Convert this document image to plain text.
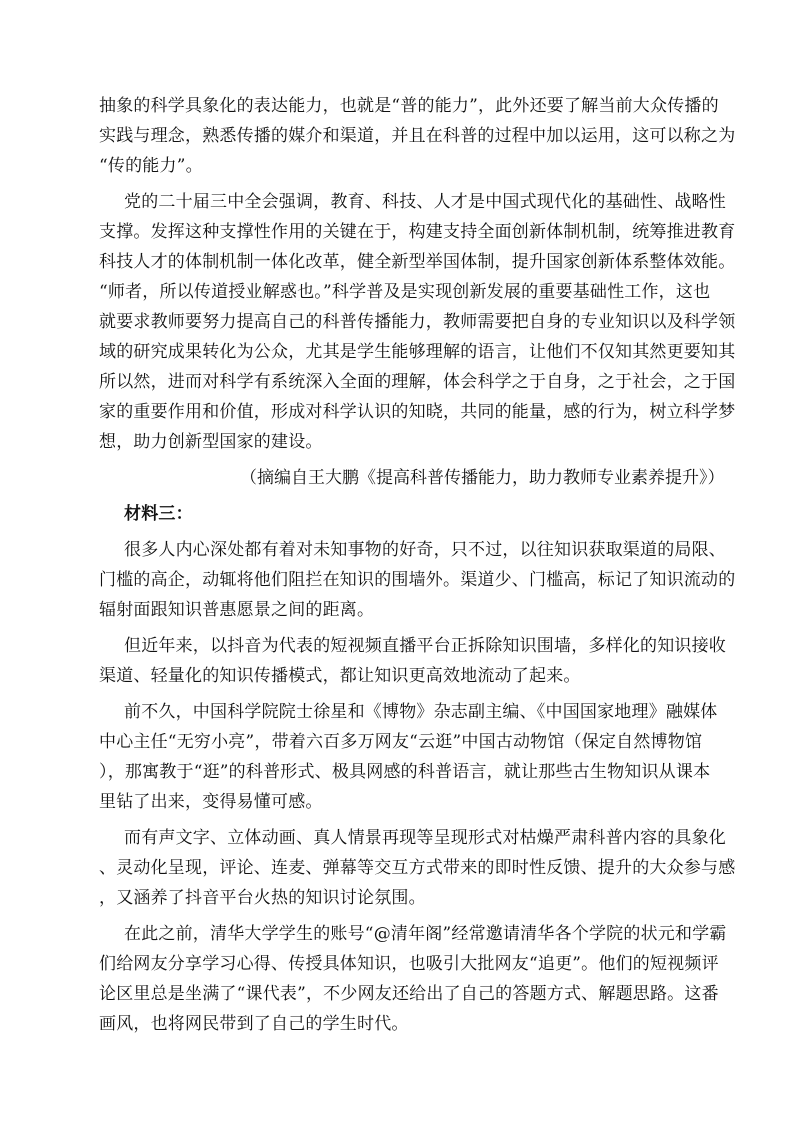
抽象的科学具象化的表达能力，也就是“普的能力”，此外还要了解当前大众传播的
实践与理念，熟悉传播的媒介和渠道，并且在科普的过程中加以运用，这可以称之为
“传的能力”。
党的二十届三中全会强调，教育、科技、人才是中国式现代化的基础性、战略性
支撑。发挥这种支撑性作用的关键在于，构建支持全面创新体制机制，统筹推进教育
科技人才的体制机制一体化改革，健全新型举国体制，提升国家创新体系整体效能。
“师者，所以传道授业解惑也。”科学普及是实现创新发展的重要基础性工作，这也
就要求教师要努力提高自己的科普传播能力，教师需要把自身的专业知识以及科学领
域的研究成果转化为公众，尤其是学生能够理解的语言，让他们不仅知其然更要知其
所以然，进而对科学有系统深入全面的理解，体会科学之于自身，之于社会，之于国
家的重要作用和价值，形成对科学认识的知晓，共同的能量，感的行为，树立科学梦
想，助力创新型国家的建设。
（摘编自王大鹏《提高科普传播能力，助力教师专业素养提升》）
材料三：
很多人内心深处都有着对未知事物的好奇，只不过，以往知识获取渠道的局限、
门槛的高企，动辄将他们阻拦在知识的围墙外。渠道少、门槛高，标记了知识流动的
辐射面跟知识普惠愿景之间的距离。
但近年来，以抖音为代表的短视频直播平台正拆除知识围墙，多样化的知识接收
渠道、轻量化的知识传播模式，都让知识更高效地流动了起来。
前不久，中国科学院院士徐星和《博物》杂志副主编、《中国国家地理》融媒体
中心主任“无穷小亮”，带着六百多万网友“云逛”中国古动物馆（保定自然博物馆
），那寓教于“逛”的科普形式、极具网感的科普语言，就让那些古生物知识从课本
里钻了出来，变得易懂可感。
而有声文字、立体动画、真人情景再现等呈现形式对枯燥严肃科普内容的具象化
、灵动化呈现，评论、连麦、弹幕等交互方式带来的即时性反馈、提升的大众参与感
，又涵养了抖音平台火热的知识讨论氛围。
在此之前，清华大学学生的账号“@清年阁”经常邀请清华各个学院的状元和学霸
们给网友分享学习心得、传授具体知识，也吸引大批网友“追更”。他们的短视频评
论区里总是坐满了“课代表”，不少网友还给出了自己的答题方式、解题思路。这番
画风，也将网民带到了自己的学生时代。
